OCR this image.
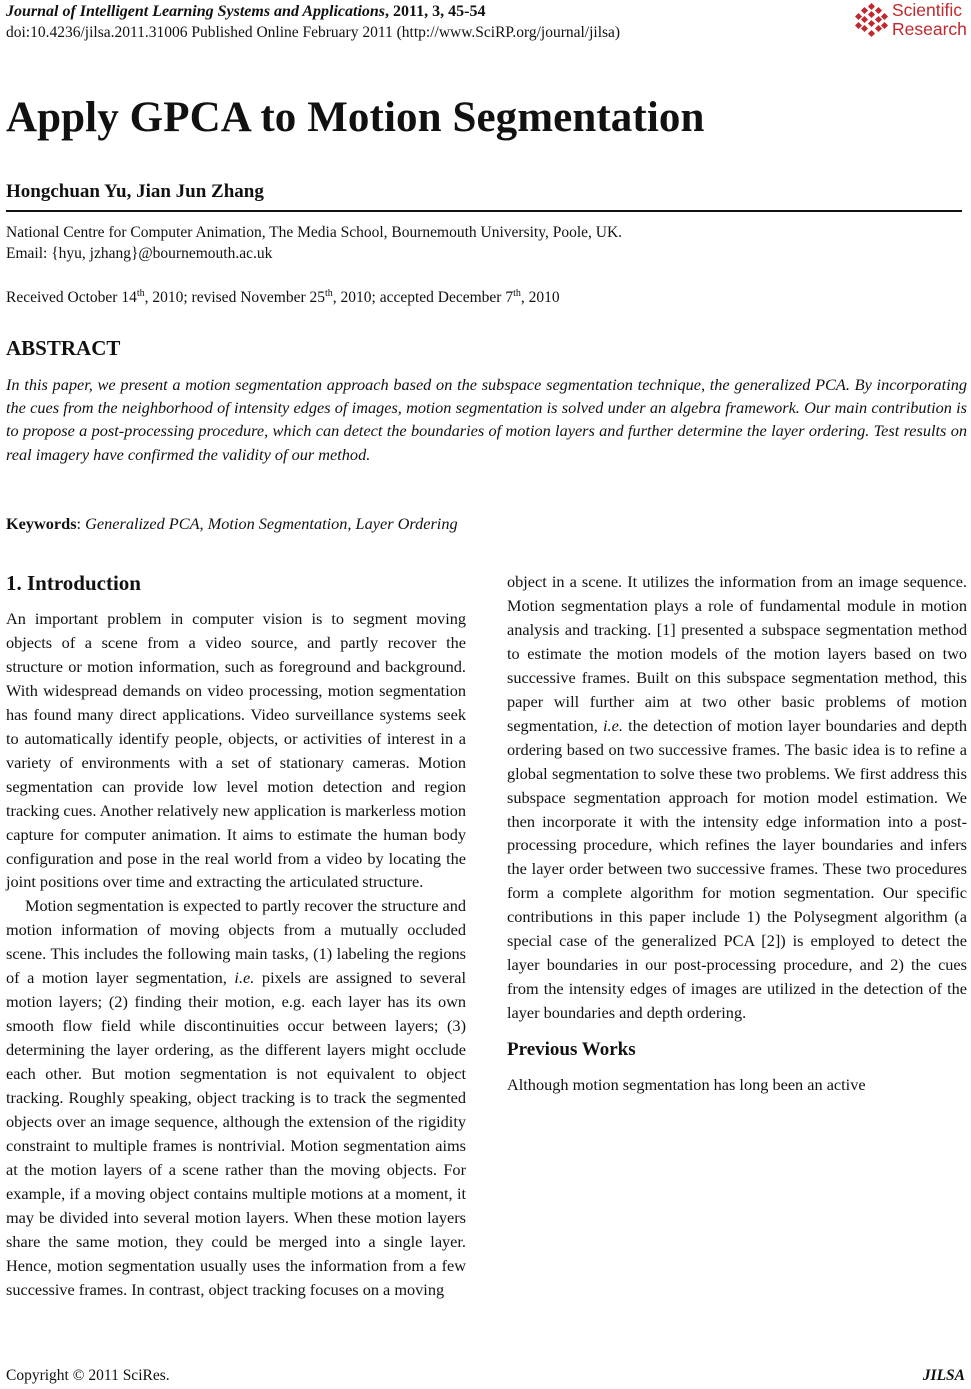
Journal of Intelligent Learning Systems and Applications, 2011, 3, 45-54
doi:10.4236/jilsa.2011.31006 Published Online February 2011 (http://www.SciRP.org/journal/jilsa)
Scientific
Research
Apply GPCA to Motion Segmentation
Hongchuan Yu, Jian Jun Zhang
National Centre for Computer Animation, The Media School, Bournemouth University, Poole, UK.
Email: {hyu, jzhang}@bournemouth.ac.uk
Received October 14th, 2010; revised November 25th, 2010; accepted December 7th, 2010
ABSTRACT
In this paper, we present a motion segmentation approach based on the subspace segmentation technique, the generalized PCA. By incorporating the cues from the neighborhood of intensity edges of images, motion segmentation is solved under an algebra framework. Our main contribution is to propose a post-processing procedure, which can detect the boundaries of motion layers and further determine the layer ordering. Test results on real imagery have confirmed the validity of our method.
Keywords: Generalized PCA, Motion Segmentation, Layer Ordering
1. Introduction

An important problem in computer vision is to segment moving objects of a scene from a video source, and partly recover the structure or motion information, such as foreground and background. With widespread demands on video processing, motion segmentation has found many direct applications. Video surveillance systems seek to automatically identify people, objects, or activities of interest in a variety of environments with a set of stationary cameras. Motion segmentation can provide low level motion detection and region tracking cues. Another relatively new application is markerless motion capture for computer animation. It aims to estimate the human body configuration and pose in the real world from a video by locating the joint positions over time and extracting the articulated structure.

Motion segmentation is expected to partly recover the structure and motion information of moving objects from a mutually occluded scene. This includes the following main tasks, (1) labeling the regions of a motion layer segmentation, i.e. pixels are assigned to several motion layers; (2) finding their motion, e.g. each layer has its own smooth flow field while discontinuities occur between layers; (3) determining the layer ordering, as the different layers might occlude each other. But motion segmentation is not equivalent to object tracking. Roughly speaking, object tracking is to track the segmented objects over an image sequence, although the extension of the rigidity constraint to multiple frames is nontrivial. Motion segmentation aims at the motion layers of a scene rather than the moving objects. For example, if a moving object contains multiple motions at a moment, it may be divided into several motion layers. When these motion layers share the same motion, they could be merged into a single layer. Hence, motion segmentation usually uses the information from a few successive frames. In contrast, object tracking focuses on a moving

object in a scene. It utilizes the information from an image sequence. Motion segmentation plays a role of fundamental module in motion analysis and tracking. [1] presented a subspace segmentation method to estimate the motion models of the motion layers based on two successive frames. Built on this subspace segmentation method, this paper will further aim at two other basic problems of motion segmentation, i.e. the detection of motion layer boundaries and depth ordering based on two successive frames. The basic idea is to refine a global segmentation to solve these two problems. We first address this subspace segmentation approach for motion model estimation. We then incorporate it with the intensity edge information into a post-processing procedure, which refines the layer boundaries and infers the layer order between two successive frames. These two procedures form a complete algorithm for motion segmentation. Our specific contributions in this paper include 1) the Polysegment algorithm (a special case of the generalized PCA [2]) is employed to detect the layer boundaries in our post-processing procedure, and 2) the cues from the intensity edges of images are utilized in the detection of the layer boundaries and depth ordering.

Previous Works

Although motion segmentation has long been an active

Copyright © 2011 SciRes.	JILSA
